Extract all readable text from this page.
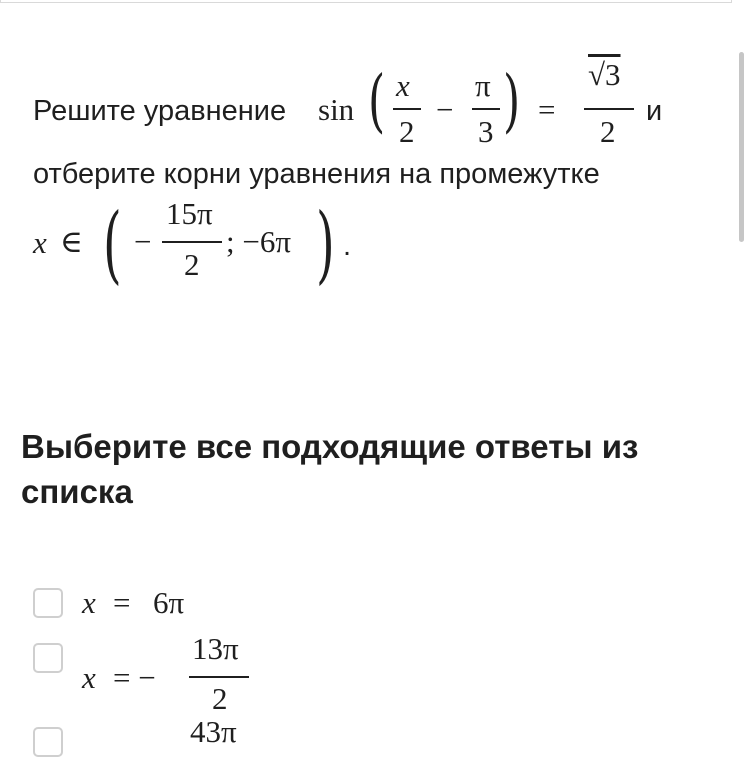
Решите уравнение sin ( x
2
−
π
3 ) =
√3
2
и
отберите корни уравнения на промежутке
x ∈ ( −
15π
2
; −6π ) .
Выберите все подходящие ответы из списка
x = 6π
x = −
13π
2
43π
